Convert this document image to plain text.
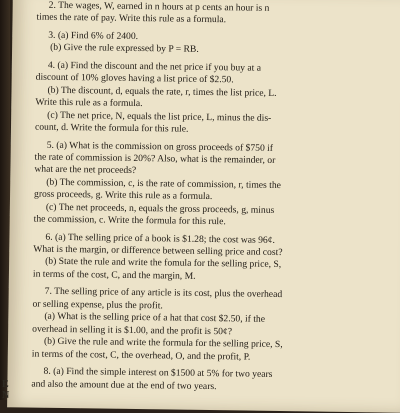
2. The wages, W, earned in n hours at p cents an hour is n

times the rate of pay. Write this rule as a formula.

3. (a) Find 6% of 2400.

(b) Give the rule expressed by P = RB.

4. (a) Find the discount and the net price if you buy at a

discount of 10% gloves having a list price of $2.50.

(b) The discount, d, equals the rate, r, times the list price, L.

Write this rule as a formula.

(c) The net price, N, equals the list price, L, minus the dis-

count, d. Write the formula for this rule.

5. (a) What is the commission on gross proceeds of $750 if

the rate of commission is 20%? Also, what is the remainder, or

what are the net proceeds?

(b) The commission, c, is the rate of commission, r, times the

gross proceeds, g. Write this rule as a formula.

(c) The net proceeds, n, equals the gross proceeds, g, minus

the commission, c. Write the formula for this rule.

6. (a) The selling price of a book is $1.28; the cost was 96¢.

What is the margin, or difference between selling price and cost?

(b) State the rule and write the fomula for the selling price, S,

in terms of the cost, C, and the margin, M.

7. The selling price of any article is its cost, plus the overhead

or selling expense, plus the profit.

(a) What is the selling price of a hat that cost $2.50, if the

overhead in selling it is $1.00, and the profit is 50¢?

(b) Give the rule and write the formula for the selling price, S,

in terms of the cost, C, the overhead, O, and the profit, P.

8. (a) Find the simple interest on $1500 at 5% for two years

and also the amount due at the end of two years.

E
N
